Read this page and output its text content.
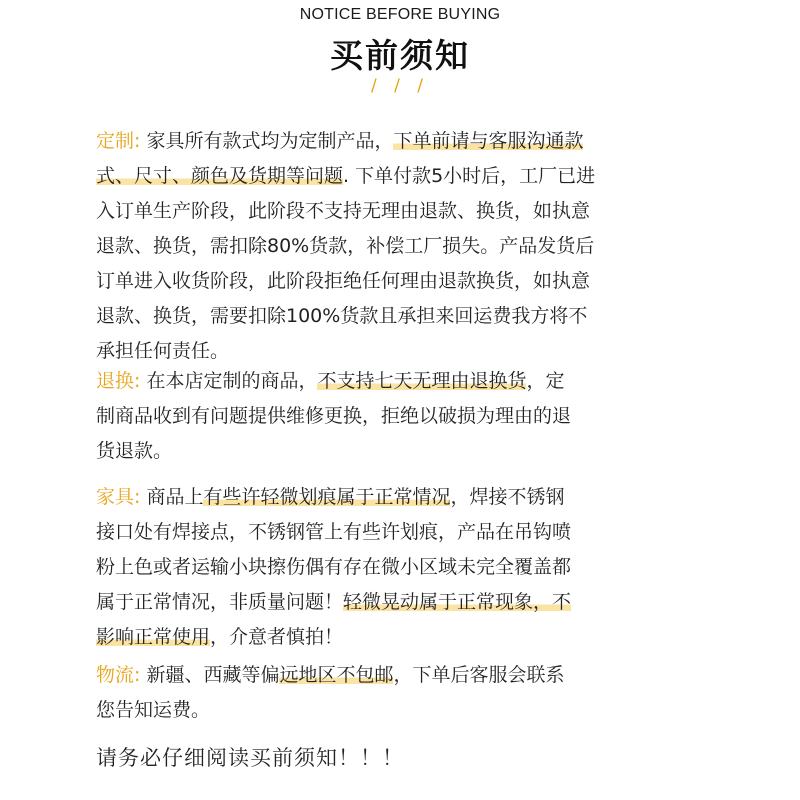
NOTICE BEFORE BUYING
买前须知
/ / /
定制: 家具所有款式均为定制产品，下单前请与客服沟通款
式、尺寸、颜色及货期等问题. 下单付款5小时后，工厂已进
入订单生产阶段，此阶段不支持无理由退款、换货，如执意
退款、换货，需扣除80%货款，补偿工厂损失。产品发货后
订单进入收货阶段，此阶段拒绝任何理由退款换货，如执意
退款、换货，需要扣除100%货款且承担来回运费我方将不
承担任何责任。
退换: 在本店定制的商品，不支持七天无理由退换货，定
制商品收到有问题提供维修更换，拒绝以破损为理由的退
货退款。
家具: 商品上有些许轻微划痕属于正常情况，焊接不锈钢
接口处有焊接点，不锈钢管上有些许划痕，产品在吊钩喷
粉上色或者运输小块擦伤偶有存在微小区域未完全覆盖都
属于正常情况，非质量问题！轻微晃动属于正常现象，不
影响正常使用，介意者慎拍！
物流: 新疆、西藏等偏远地区不包邮，下单后客服会联系
您告知运费。
请务必仔细阅读买前须知！！！
